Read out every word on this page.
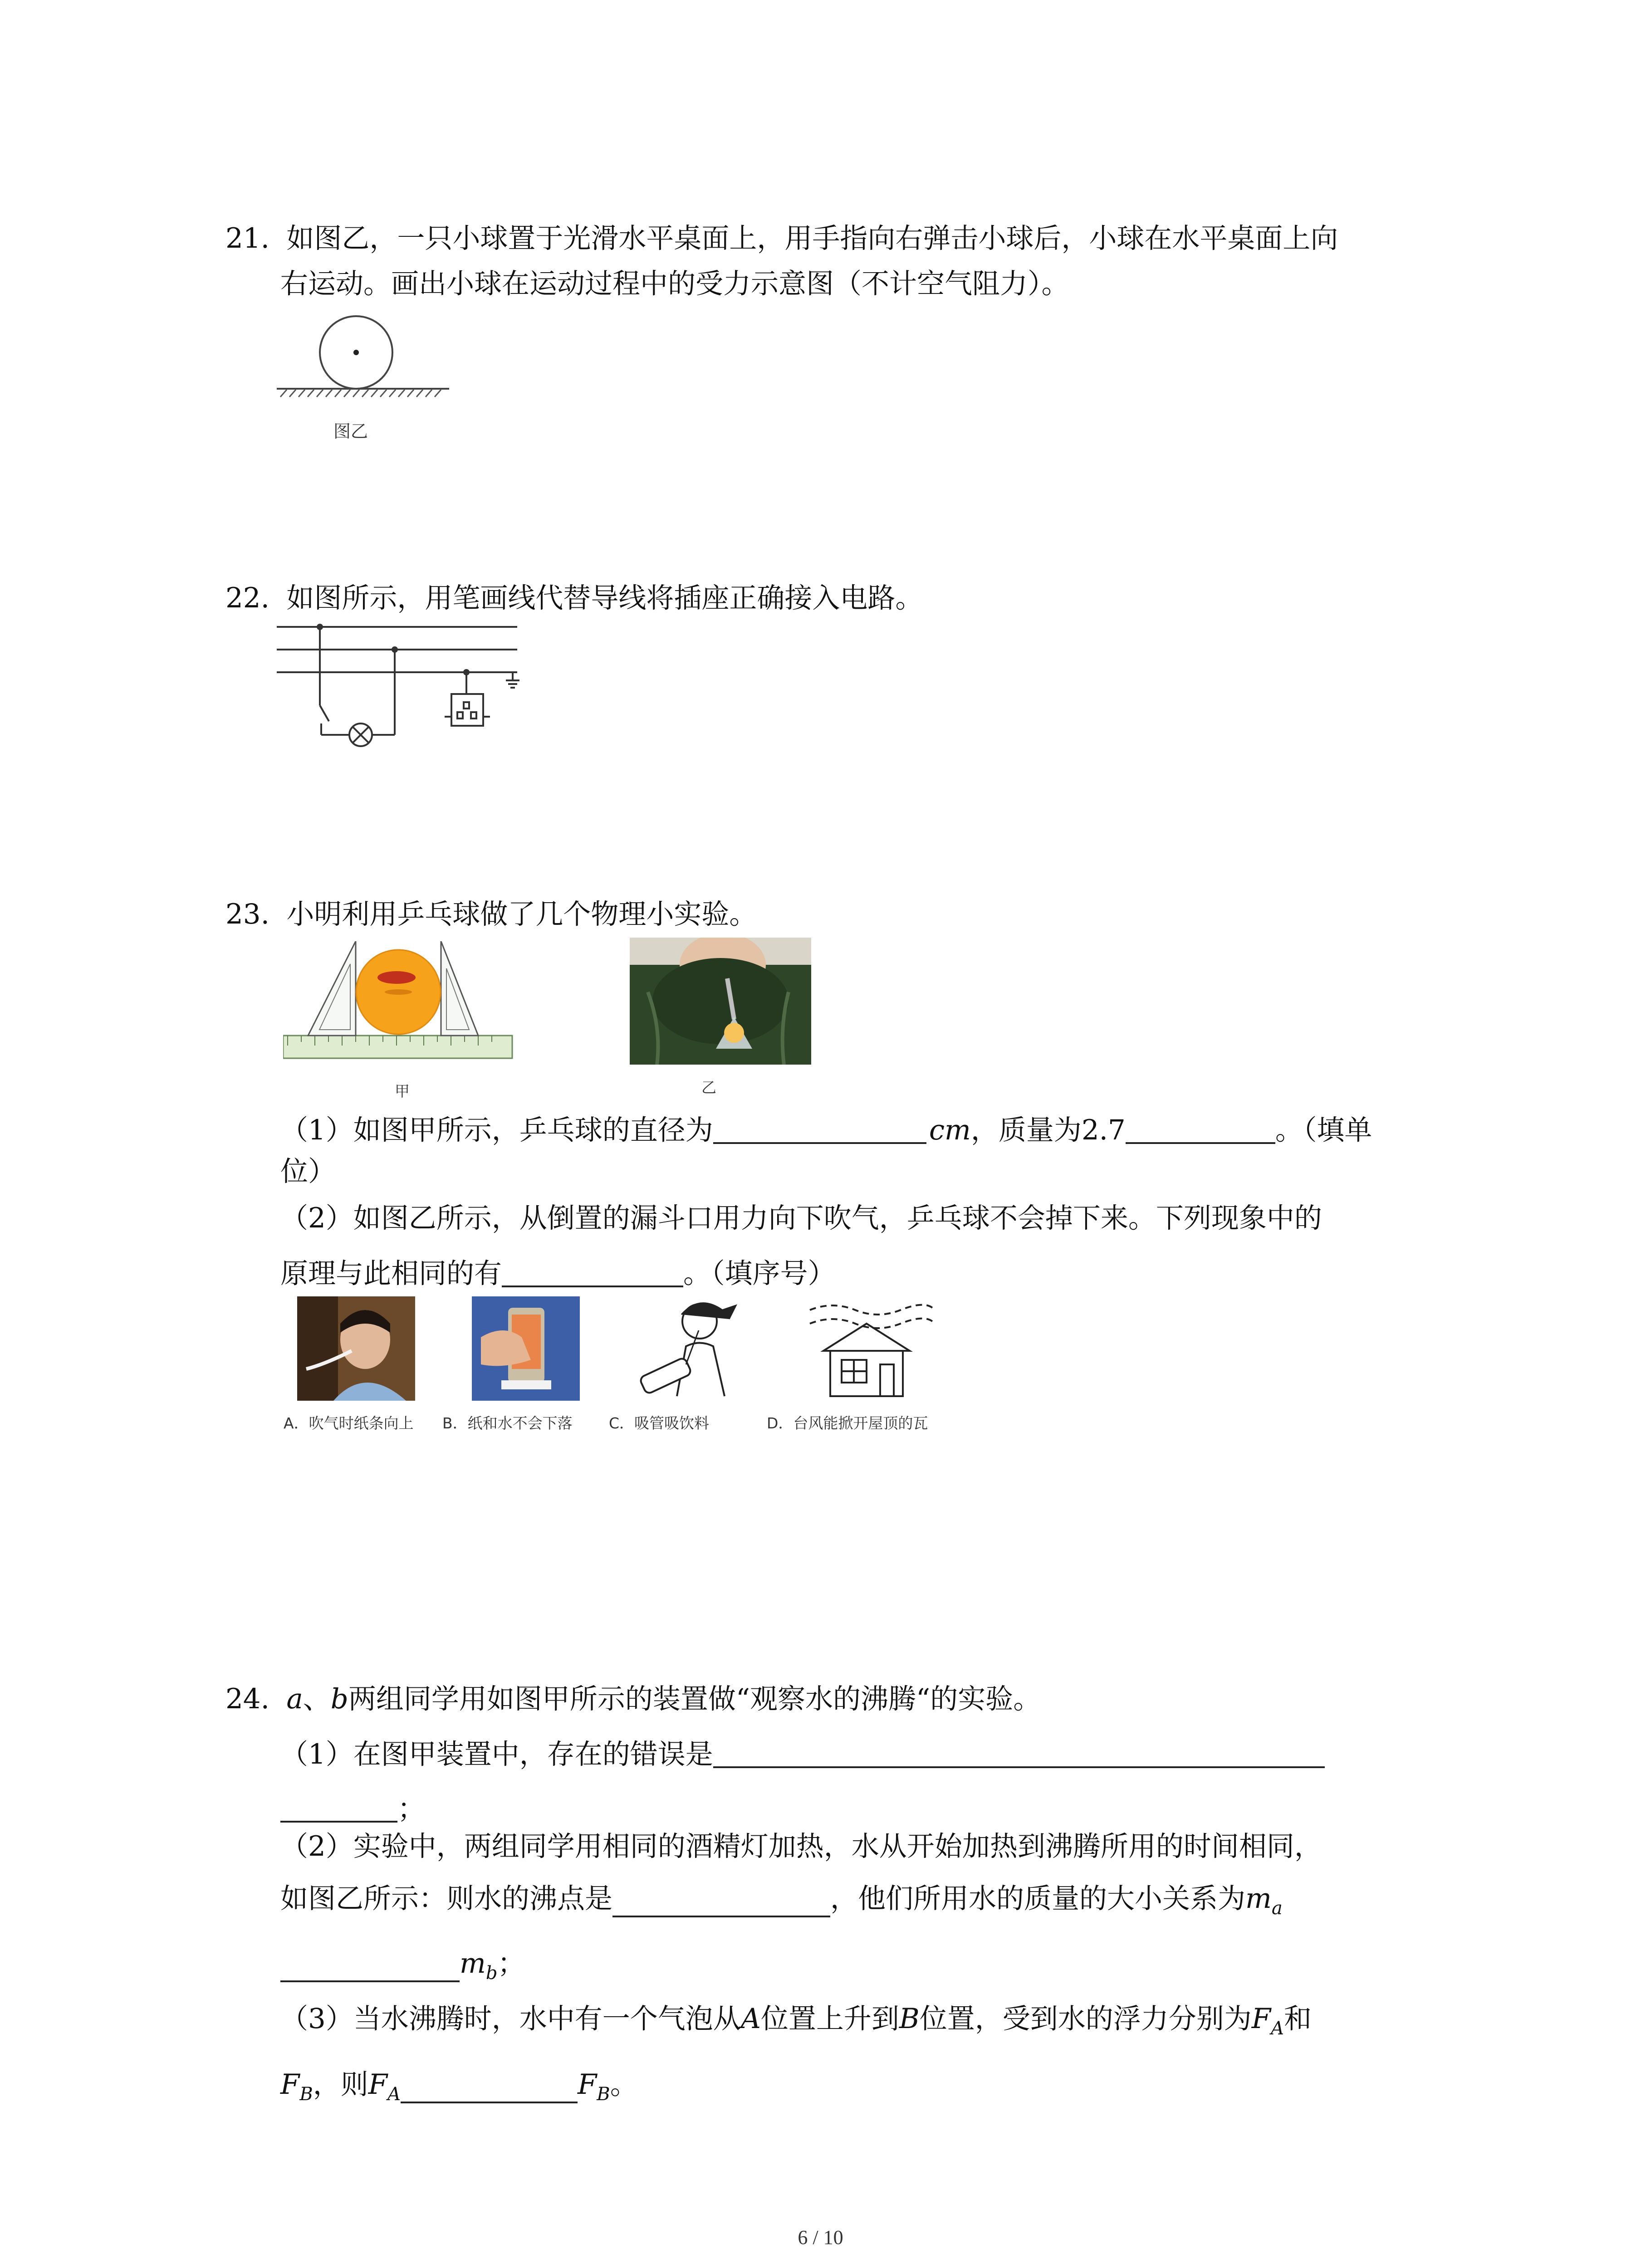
21. 如图乙，一只小球置于光滑水平桌面上，用手指向右弹击小球后，小球在水平桌面上向
右运动。画出小球在运动过程中的受力示意图（不计空气阻力）。
图乙
22. 如图所示，用笔画线代替导线将插座正确接入电路。
23. 小明利用乒乓球做了几个物理小实验。
甲	乙
（1）如图甲所示，乒乓球的直径为	cm，质量为2.7	。（填单
位）
（2）如图乙所示，从倒置的漏斗口用力向下吹气，乒乓球不会掉下来。下列现象中的
原理与此相同的有	。（填序号）
A．吹气时纸条向上 B．纸和水不会下落 C．吸管吸饮料	D．台风能掀开屋顶的瓦
24. a、b两组同学用如图甲所示的装置做“观察水的沸腾“的实验。
（1）在图甲装置中，存在的错误是
；
（2）实验中，两组同学用相同的酒精灯加热，水从开始加热到沸腾所用的时间相同，
如图乙所示：则水的沸点是	，他们所用水的质量的大小关系为$m_a$
$m_b$；
（3）当水沸腾时，水中有一个气泡从A位置上升到B位置，受到水的浮力分别为$F_A$和
$F_B$，则$F_A$	$F_B$。
6 / 10
